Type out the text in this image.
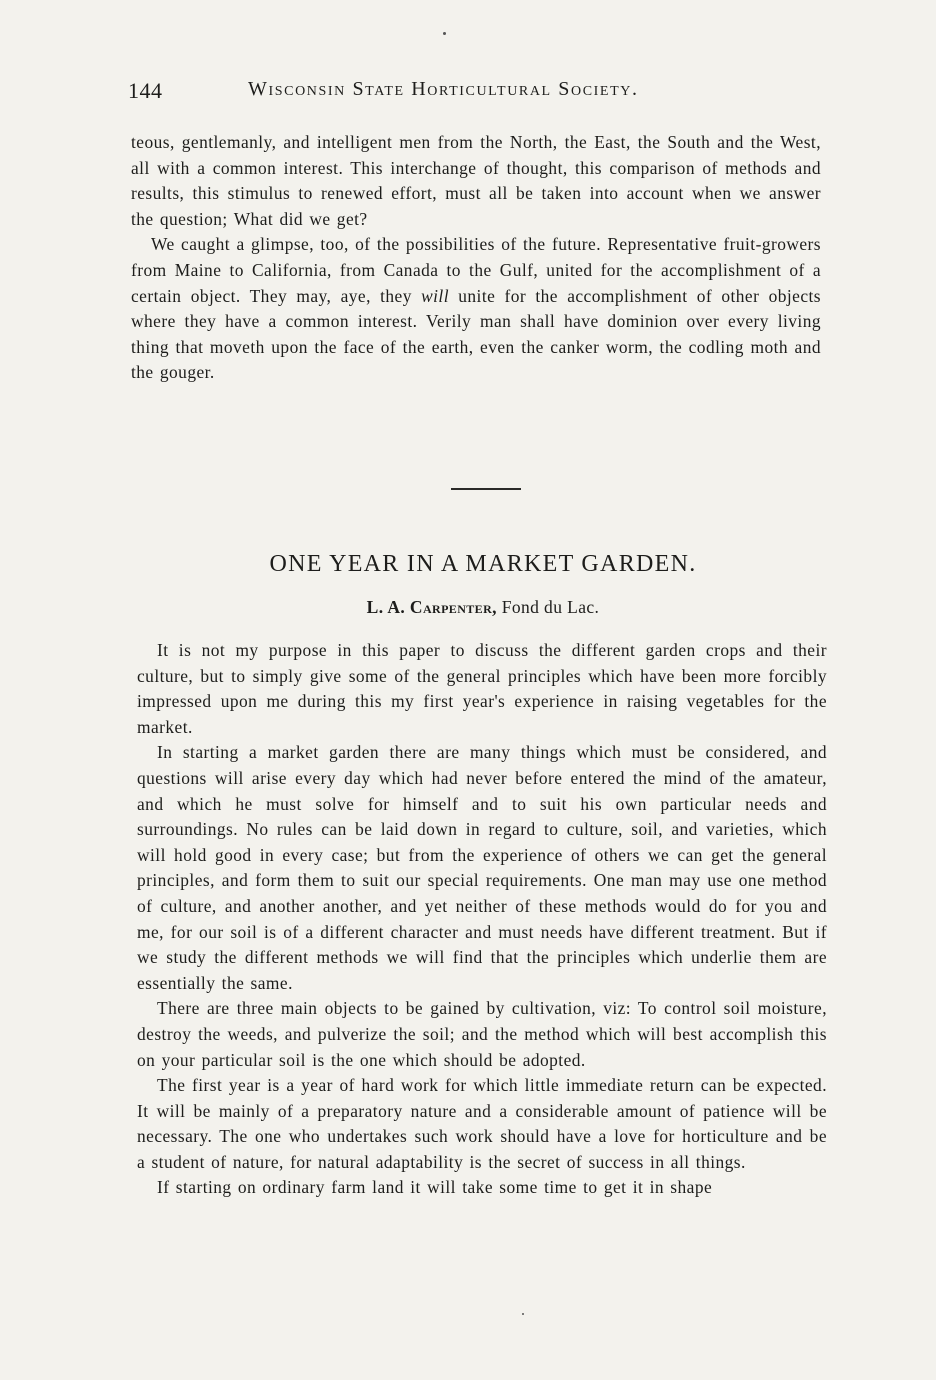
144	Wisconsin State Horticultural Society.

teous, gentlemanly, and intelligent men from the North, the East, the South and the West, all with a common interest. This interchange of thought, this comparison of methods and results, this stimulus to renewed effort, must all be taken into account when we answer the question; What did we get?

We caught a glimpse, too, of the possibilities of the future. Representative fruit-growers from Maine to California, from Canada to the Gulf, united for the accomplishment of a certain object. They may, aye, they will unite for the accomplishment of other objects where they have a common interest. Verily man shall have dominion over every living thing that moveth upon the face of the earth, even the canker worm, the codling moth and the gouger.

ONE YEAR IN A MARKET GARDEN.
L. A. Carpenter, Fond du Lac.

It is not my purpose in this paper to discuss the different garden crops and their culture, but to simply give some of the general principles which have been more forcibly impressed upon me during this my first year's experience in raising vegetables for the market.

In starting a market garden there are many things which must be considered, and questions will arise every day which had never before entered the mind of the amateur, and which he must solve for himself and to suit his own particular needs and surroundings. No rules can be laid down in regard to culture, soil, and varieties, which will hold good in every case; but from the experience of others we can get the general principles, and form them to suit our special requirements. One man may use one method of culture, and another another, and yet neither of these methods would do for you and me, for our soil is of a different character and must needs have different treatment. But if we study the different methods we will find that the principles which underlie them are essentially the same.

There are three main objects to be gained by cultivation, viz: To control soil moisture, destroy the weeds, and pulverize the soil; and the method which will best accomplish this on your particular soil is the one which should be adopted.

The first year is a year of hard work for which little immediate return can be expected. It will be mainly of a preparatory nature and a considerable amount of patience will be necessary. The one who undertakes such work should have a love for horticulture and be a student of nature, for natural adaptability is the secret of success in all things.

If starting on ordinary farm land it will take some time to get it in shape
